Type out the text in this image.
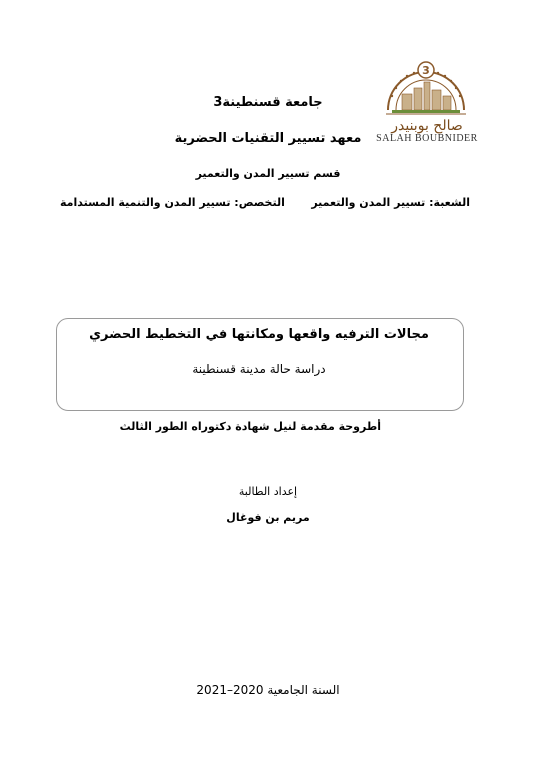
3
صالح بوبنيدر
SALAH BOUBNIDER
جامعة قسنطينة3
معهد تسيير التقنيات الحضرية
قسم تسيير المدن والتعمير
الشعبة: تسيير المدن والتعمير
التخصص: تسيير المدن والتنمية المستدامة
مجالات الترفيه واقعها ومكانتها في التخطيط الحضري
دراسة حالة مدينة قسنطينة
أطروحة مقدمة لنيل شهادة دكتوراه الطور الثالث
إعداد الطالبة
مريم بن فوغال
السنة الجامعية 2020–2021
